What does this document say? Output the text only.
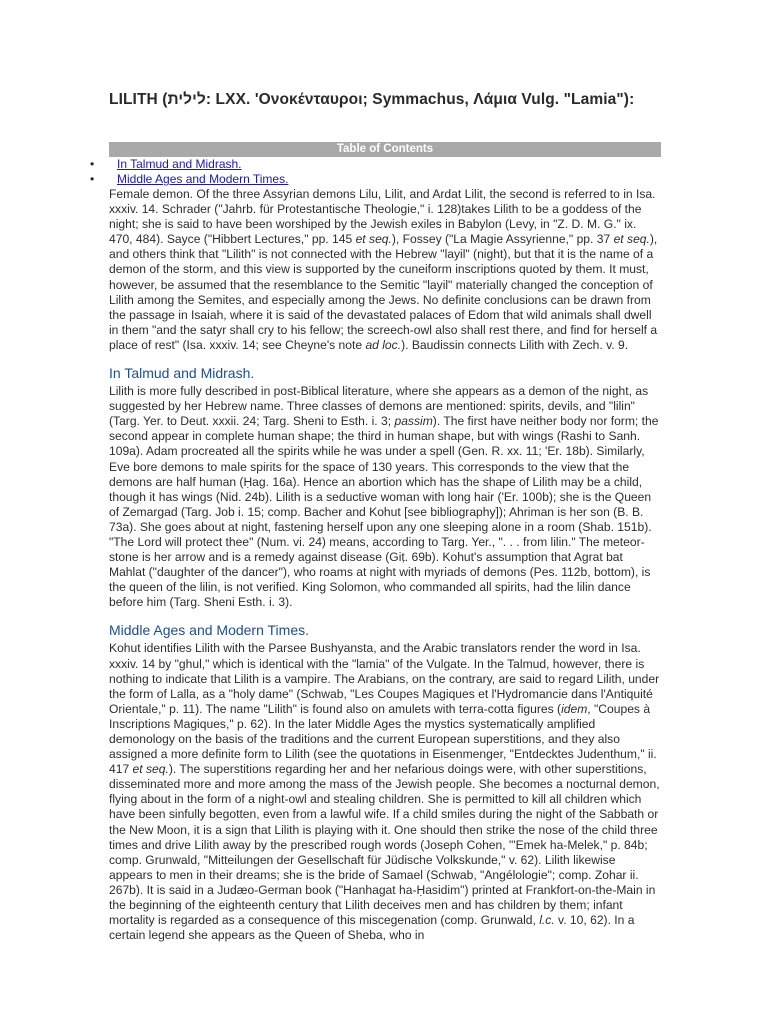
LILITH (לילית: LXX. 'Ονοκένταυροι; Symmachus, Λάμια Vulg. "Lamia"):
Table of Contents
• In Talmud and Midrash.
• Middle Ages and Modern Times.

Female demon. Of the three Assyrian demons Lilu, Lilit, and Ardat Lilit, the second is referred to in Isa. xxxiv. 14. Schrader ("Jahrb. für Protestantische Theologie," i. 128)takes Lilith to be a goddess of the night; she is said to have been worshiped by the Jewish exiles in Babylon (Levy, in "Z. D. M. G." ix. 470, 484). Sayce ("Hibbert Lectures," pp. 145 et seq.), Fossey ("La Magie Assyrienne," pp. 37 et seq.), and others think that "Lilith" is not connected with the Hebrew "layil" (night), but that it is the name of a demon of the storm, and this view is supported by the cuneiform inscriptions quoted by them. It must, however, be assumed that the resemblance to the Semitic "layil" materially changed the conception of Lilith among the Semites, and especially among the Jews. No definite conclusions can be drawn from the passage in Isaiah, where it is said of the devastated palaces of Edom that wild animals shall dwell in them "and the satyr shall cry to his fellow; the screech-owl also shall rest there, and find for herself a place of rest" (Isa. xxxiv. 14; see Cheyne's note ad loc.). Baudissin connects Lilith with Zech. v. 9.

In Talmud and Midrash.

Lilith is more fully described in post-Biblical literature, where she appears as a demon of the night, as suggested by her Hebrew name. Three classes of demons are mentioned: spirits, devils, and "lilin" (Targ. Yer. to Deut. xxxii. 24; Targ. Sheni to Esth. i. 3; passim). The first have neither body nor form; the second appear in complete human shape; the third in human shape, but with wings (Rashi to Sanh. 109a). Adam procreated all the spirits while he was under a spell (Gen. R. xx. 11; 'Er. 18b). Similarly, Eve bore demons to male spirits for the space of 130 years. This corresponds to the view that the demons are half human (Ḥag. 16a). Hence an abortion which has the shape of Lilith may be a child, though it has wings (Nid. 24b). Lilith is a seductive woman with long hair ('Er. 100b); she is the Queen of Zemargad (Targ. Job i. 15; comp. Bacher and Kohut [see bibliography]); Ahriman is her son (B. B. 73a). She goes about at night, fastening herself upon any one sleeping alone in a room (Shab. 151b). "The Lord will protect thee" (Num. vi. 24) means, according to Targ. Yer., ". . . from lilin." The meteor-stone is her arrow and is a remedy against disease (Giṭ. 69b). Kohut's assumption that Agrat bat Mahlat ("daughter of the dancer"), who roams at night with myriads of demons (Pes. 112b, bottom), is the queen of the lilin, is not verified. King Solomon, who commanded all spirits, had the lilin dance before him (Targ. Sheni Esth. i. 3).

Middle Ages and Modern Times.

Kohut identifies Lilith with the Parsee Bushyansta, and the Arabic translators render the word in Isa. xxxiv. 14 by "ghul," which is identical with the "lamia" of the Vulgate. In the Talmud, however, there is nothing to indicate that Lilith is a vampire. The Arabians, on the contrary, are said to regard Lilith, under the form of Lalla, as a "holy dame" (Schwab, "Les Coupes Magiques et l'Hydromancie dans l'Antiquité Orientale," p. 11). The name "Lilith" is found also on amulets with terra-cotta figures (idem, "Coupes à Inscriptions Magiques," p. 62). In the later Middle Ages the mystics systematically amplified demonology on the basis of the traditions and the current European superstitions, and they also assigned a more definite form to Lilith (see the quotations in Eisenmenger, "Entdecktes Judenthum," ii. 417 et seq.). The superstitions regarding her and her nefarious doings were, with other superstitions, disseminated more and more among the mass of the Jewish people. She becomes a nocturnal demon, flying about in the form of a night-owl and stealing children. She is permitted to kill all children which have been sinfully begotten, even from a lawful wife. If a child smiles during the night of the Sabbath or the New Moon, it is a sign that Lilith is playing with it. One should then strike the nose of the child three times and drive Lilith away by the prescribed rough words (Joseph Cohen, "'Emek ha-Melek," p. 84b; comp. Grunwald, "Mitteilungen der Gesellschaft für Jüdische Volkskunde," v. 62). Lilith likewise appears to men in their dreams; she is the bride of Samael (Schwab, "Angélologie"; comp. Zohar ii. 267b). It is said in a Judæo-German book ("Hanhagat ha-Ḥasidim") printed at Frankfort-on-the-Main in the beginning of the eighteenth century that Lilith deceives men and has children by them; infant mortality is regarded as a consequence of this miscegenation (comp. Grunwald, l.c. v. 10, 62). In a certain legend she appears as the Queen of Sheba, who in
